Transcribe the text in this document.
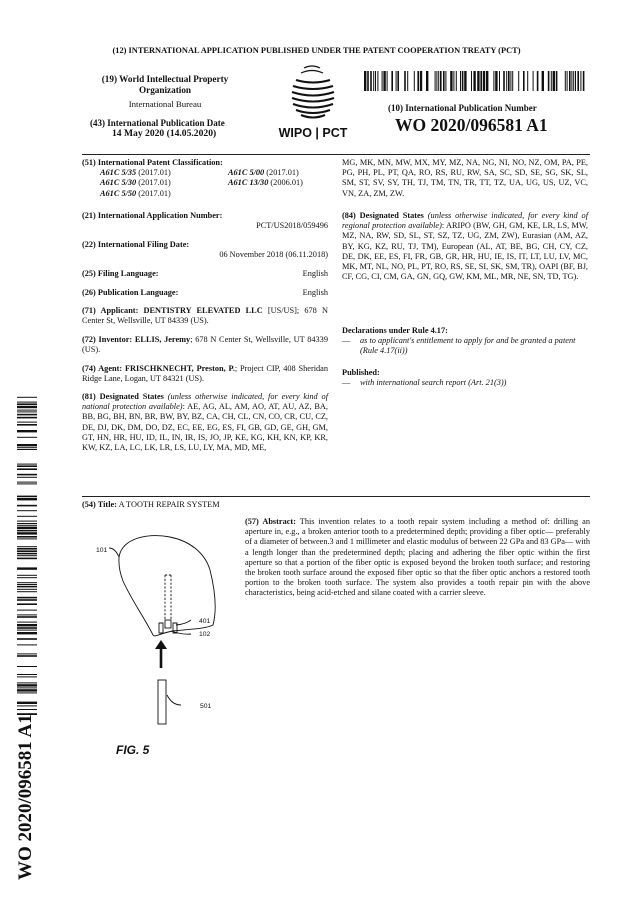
(12) INTERNATIONAL APPLICATION PUBLISHED UNDER THE PATENT COOPERATION TREATY (PCT)
(19) World Intellectual Property
Organization
International Bureau
(43) International Publication Date
14 May 2020 (14.05.2020)	WIPO | PCT
(10) International Publication Number
WO 2020/096581 A1
(51) International Patent Classification:
A61C 5/35 (2017.01)	A61C 5/00 (2017.01)
A61C 5/30 (2017.01)	A61C 13/30 (2006.01)
A61C 5/50 (2017.01)
(21) International Application Number:
PCT/US2018/059496
(22) International Filing Date:
06 November 2018 (06.11.2018)
(25) Filing Language:	English
(26) Publication Language:	English
(71) Applicant: DENTISTRY ELEVATED LLC [US/US]; 678 N Center St, Wellsville, UT 84339 (US).
(72) Inventor: ELLIS, Jeremy; 678 N Center St, Wellsville, UT 84339 (US).
(74) Agent: FRISCHKNECHT, Preston, P.; Project CIP, 408 Sheridan Ridge Lane, Logan, UT 84321 (US).
(81) Designated States (unless otherwise indicated, for every kind of national protection available): AE, AG, AL, AM, AO, AT, AU, AZ, BA, BB, BG, BH, BN, BR, BW, BY, BZ, CA, CH, CL, CN, CO, CR, CU, CZ, DE, DJ, DK, DM, DO, DZ, EC, EE, EG, ES, FI, GB, GD, GE, GH, GM, GT, HN, HR, HU, ID, IL, IN, IR, IS, JO, JP, KE, KG, KH, KN, KP, KR, KW, KZ, LA, LC, LK, LR, LS, LU, LY, MA, MD, ME,
MG, MK, MN, MW, MX, MY, MZ, NA, NG, NI, NO, NZ, OM, PA, PE, PG, PH, PL, PT, QA, RO, RS, RU, RW, SA, SC, SD, SE, SG, SK, SL, SM, ST, SV, SY, TH, TJ, TM, TN, TR, TT, TZ, UA, UG, US, UZ, VC, VN, ZA, ZM, ZW.
(84) Designated States (unless otherwise indicated, for every kind of regional protection available): ARIPO (BW, GH, GM, KE, LR, LS, MW, MZ, NA, RW, SD, SL, ST, SZ, TZ, UG, ZM, ZW), Eurasian (AM, AZ, BY, KG, KZ, RU, TJ, TM), European (AL, AT, BE, BG, CH, CY, CZ, DE, DK, EE, ES, FI, FR, GB, GR, HR, HU, IE, IS, IT, LT, LU, LV, MC, MK, MT, NL, NO, PL, PT, RO, RS, SE, SI, SK, SM, TR), OAPI (BF, BJ, CF, CG, CI, CM, GA, GN, GQ, GW, KM, ML, MR, NE, SN, TD, TG).
Declarations under Rule 4.17:
—	as to applicant's entitlement to apply for and be granted a patent (Rule 4.17(ii))
Published:
—	with international search report (Art. 21(3))
(54) Title: A TOOTH REPAIR SYSTEM
101
401
102
501
FIG. 5
(57) Abstract: This invention relates to a tooth repair system including a method of: drilling an aperture in, e.g., a broken anterior tooth to a predetermined depth; providing a fiber optic— preferably of a diameter of between.3 and 1 millimeter and elastic modulus of between 22 GPa and 83 GPa— with a length longer than the predetermined depth; placing and adhering the fiber optic within the first aperture so that a portion of the fiber optic is exposed beyond the broken tooth surface; and restoring the broken tooth surface around the exposed fiber optic so that the fiber optic anchors a restored tooth portion to the broken tooth surface. The system also provides a tooth repair pin with the above characteristics, being acid-etched and silane coated with a carrier sleeve.
WO 2020/096581 A1
